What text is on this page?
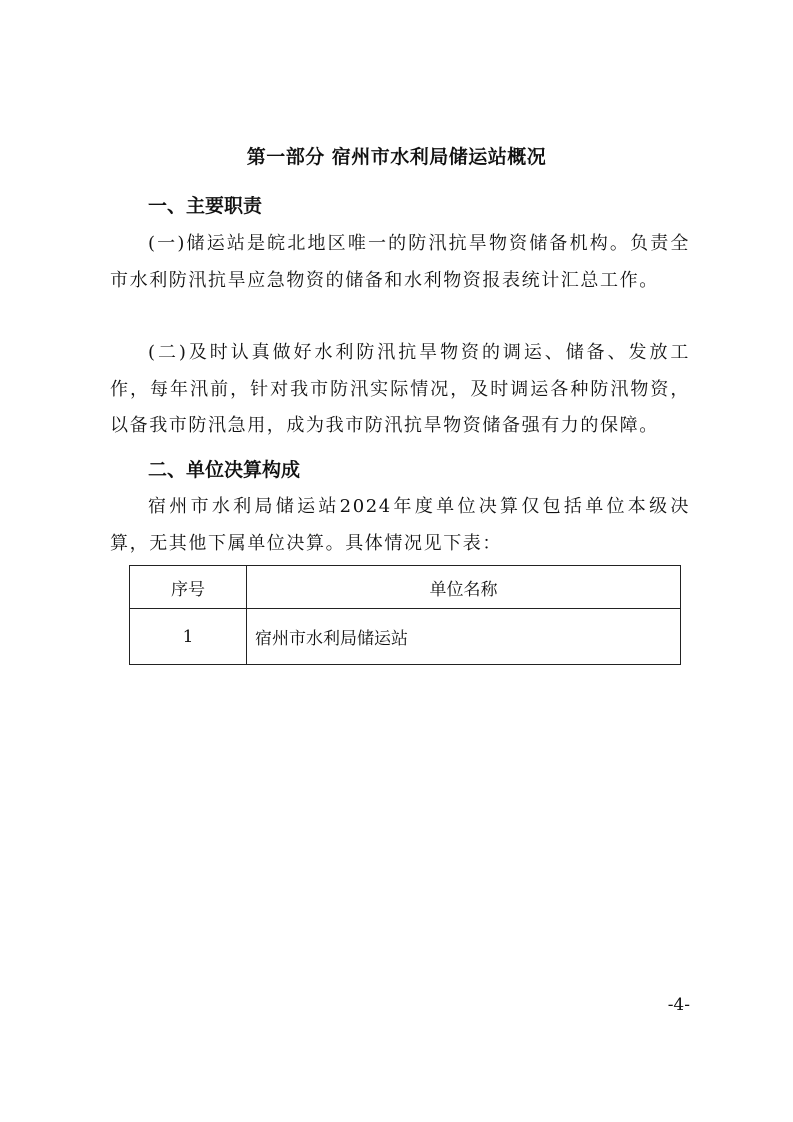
第一部分 宿州市水利局储运站概况
一、主要职责

(一)储运站是皖北地区唯一的防汛抗旱物资储备机构。负责全市水利防汛抗旱应急物资的储备和水利物资报表统计汇总工作。

(二)及时认真做好水利防汛抗旱物资的调运、储备、发放工作，每年汛前，针对我市防汛实际情况，及时调运各种防汛物资，以备我市防汛急用，成为我市防汛抗旱物资储备强有力的保障。

二、单位决算构成

宿州市水利局储运站2024年度单位决算仅包括单位本级决算，无其他下属单位决算。具体情况见下表：

序号	单位名称
1	宿州市水利局储运站
-4-
